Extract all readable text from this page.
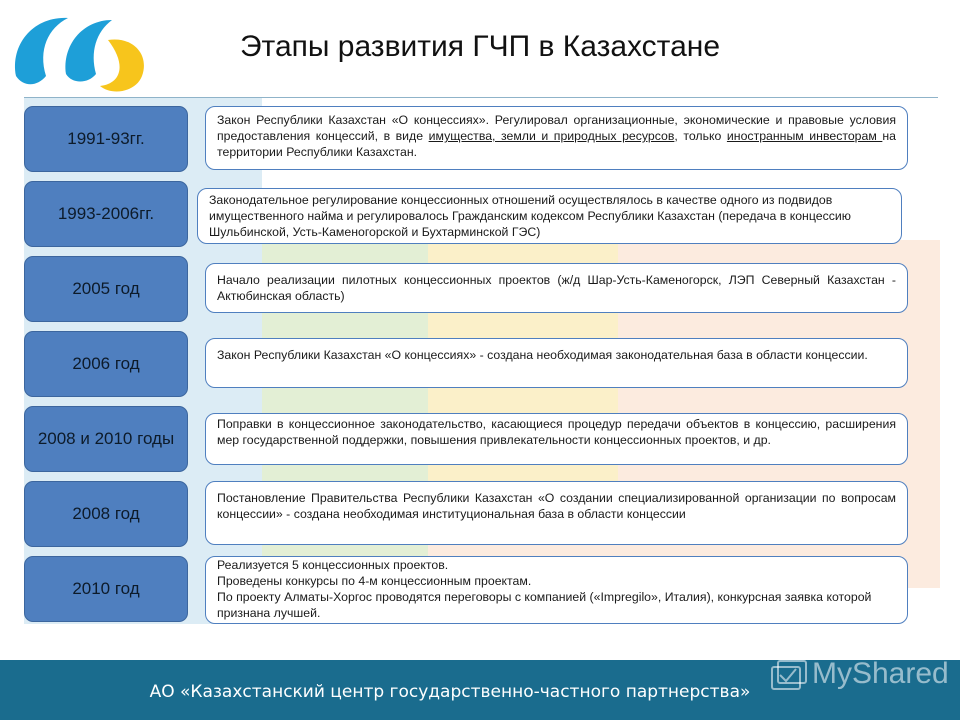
Этапы развития ГЧП в Казахстане
1991-93гг.
Закон Республики Казахстан «О концессиях». Регулировал организационные, экономические и правовые условия предоставления концессий, в виде имущества, земли и природных ресурсов, только иностранным инвесторам на территории Республики Казахстан.
1993-2006гг.
Законодательное регулирование концессионных отношений осуществлялось в качестве одного из подвидов имущественного найма и регулировалось Гражданским кодексом Республики Казахстан (передача в концессию Шульбинской, Усть-Каменогорской и Бухтарминской ГЭС)
2005 год	Начало реализации пилотных концессионных проектов (ж/д Шар-Усть-Каменогорск, ЛЭП Северный Казахстан - Актюбинская область)
2006 год	Закон Республики Казахстан «О концессиях» - создана необходимая законодательная база в области концессии.
2008 и 2010 годы
Поправки в концессионное законодательство, касающиеся процедур передачи объектов в концессию, расширения мер государственной поддержки, повышения привлекательности концессионных проектов, и др.
2008 год
Постановление Правительства Республики Казахстан «О создании специализированной организации по вопросам концессии» - создана необходимая институциональная база в области концессии
2010 год
Реализуется 5 концессионных проектов.
Проведены конкурсы по 4-м концессионным проектам.
По проекту Алматы-Хоргос проводятся переговоры с компанией («Impregilo», Италия), конкурсная заявка которой признана лучшей.
АО «Казахстанский центр государственно-частного партнерства»
MyShared
